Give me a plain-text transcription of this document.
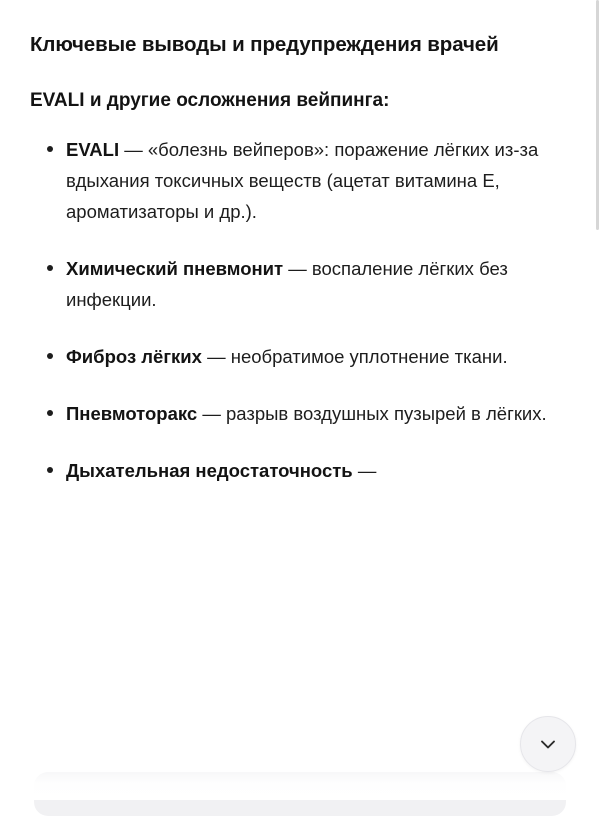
Ключевые выводы и предупреждения врачей
EVALI и другие осложнения вейпинга:
EVALI — «болезнь вейперов»: поражение лёгких из-за вдыхания токсичных веществ (ацетат витамина Е, ароматизаторы и др.).
Химический пневмонит — воспаление лёгких без инфекции.
Фиброз лёгких — необратимое уплотнение ткани.
Пневмоторакс — разрыв воздушных пузырей в лёгких.
Дыхательная недостаточность —
